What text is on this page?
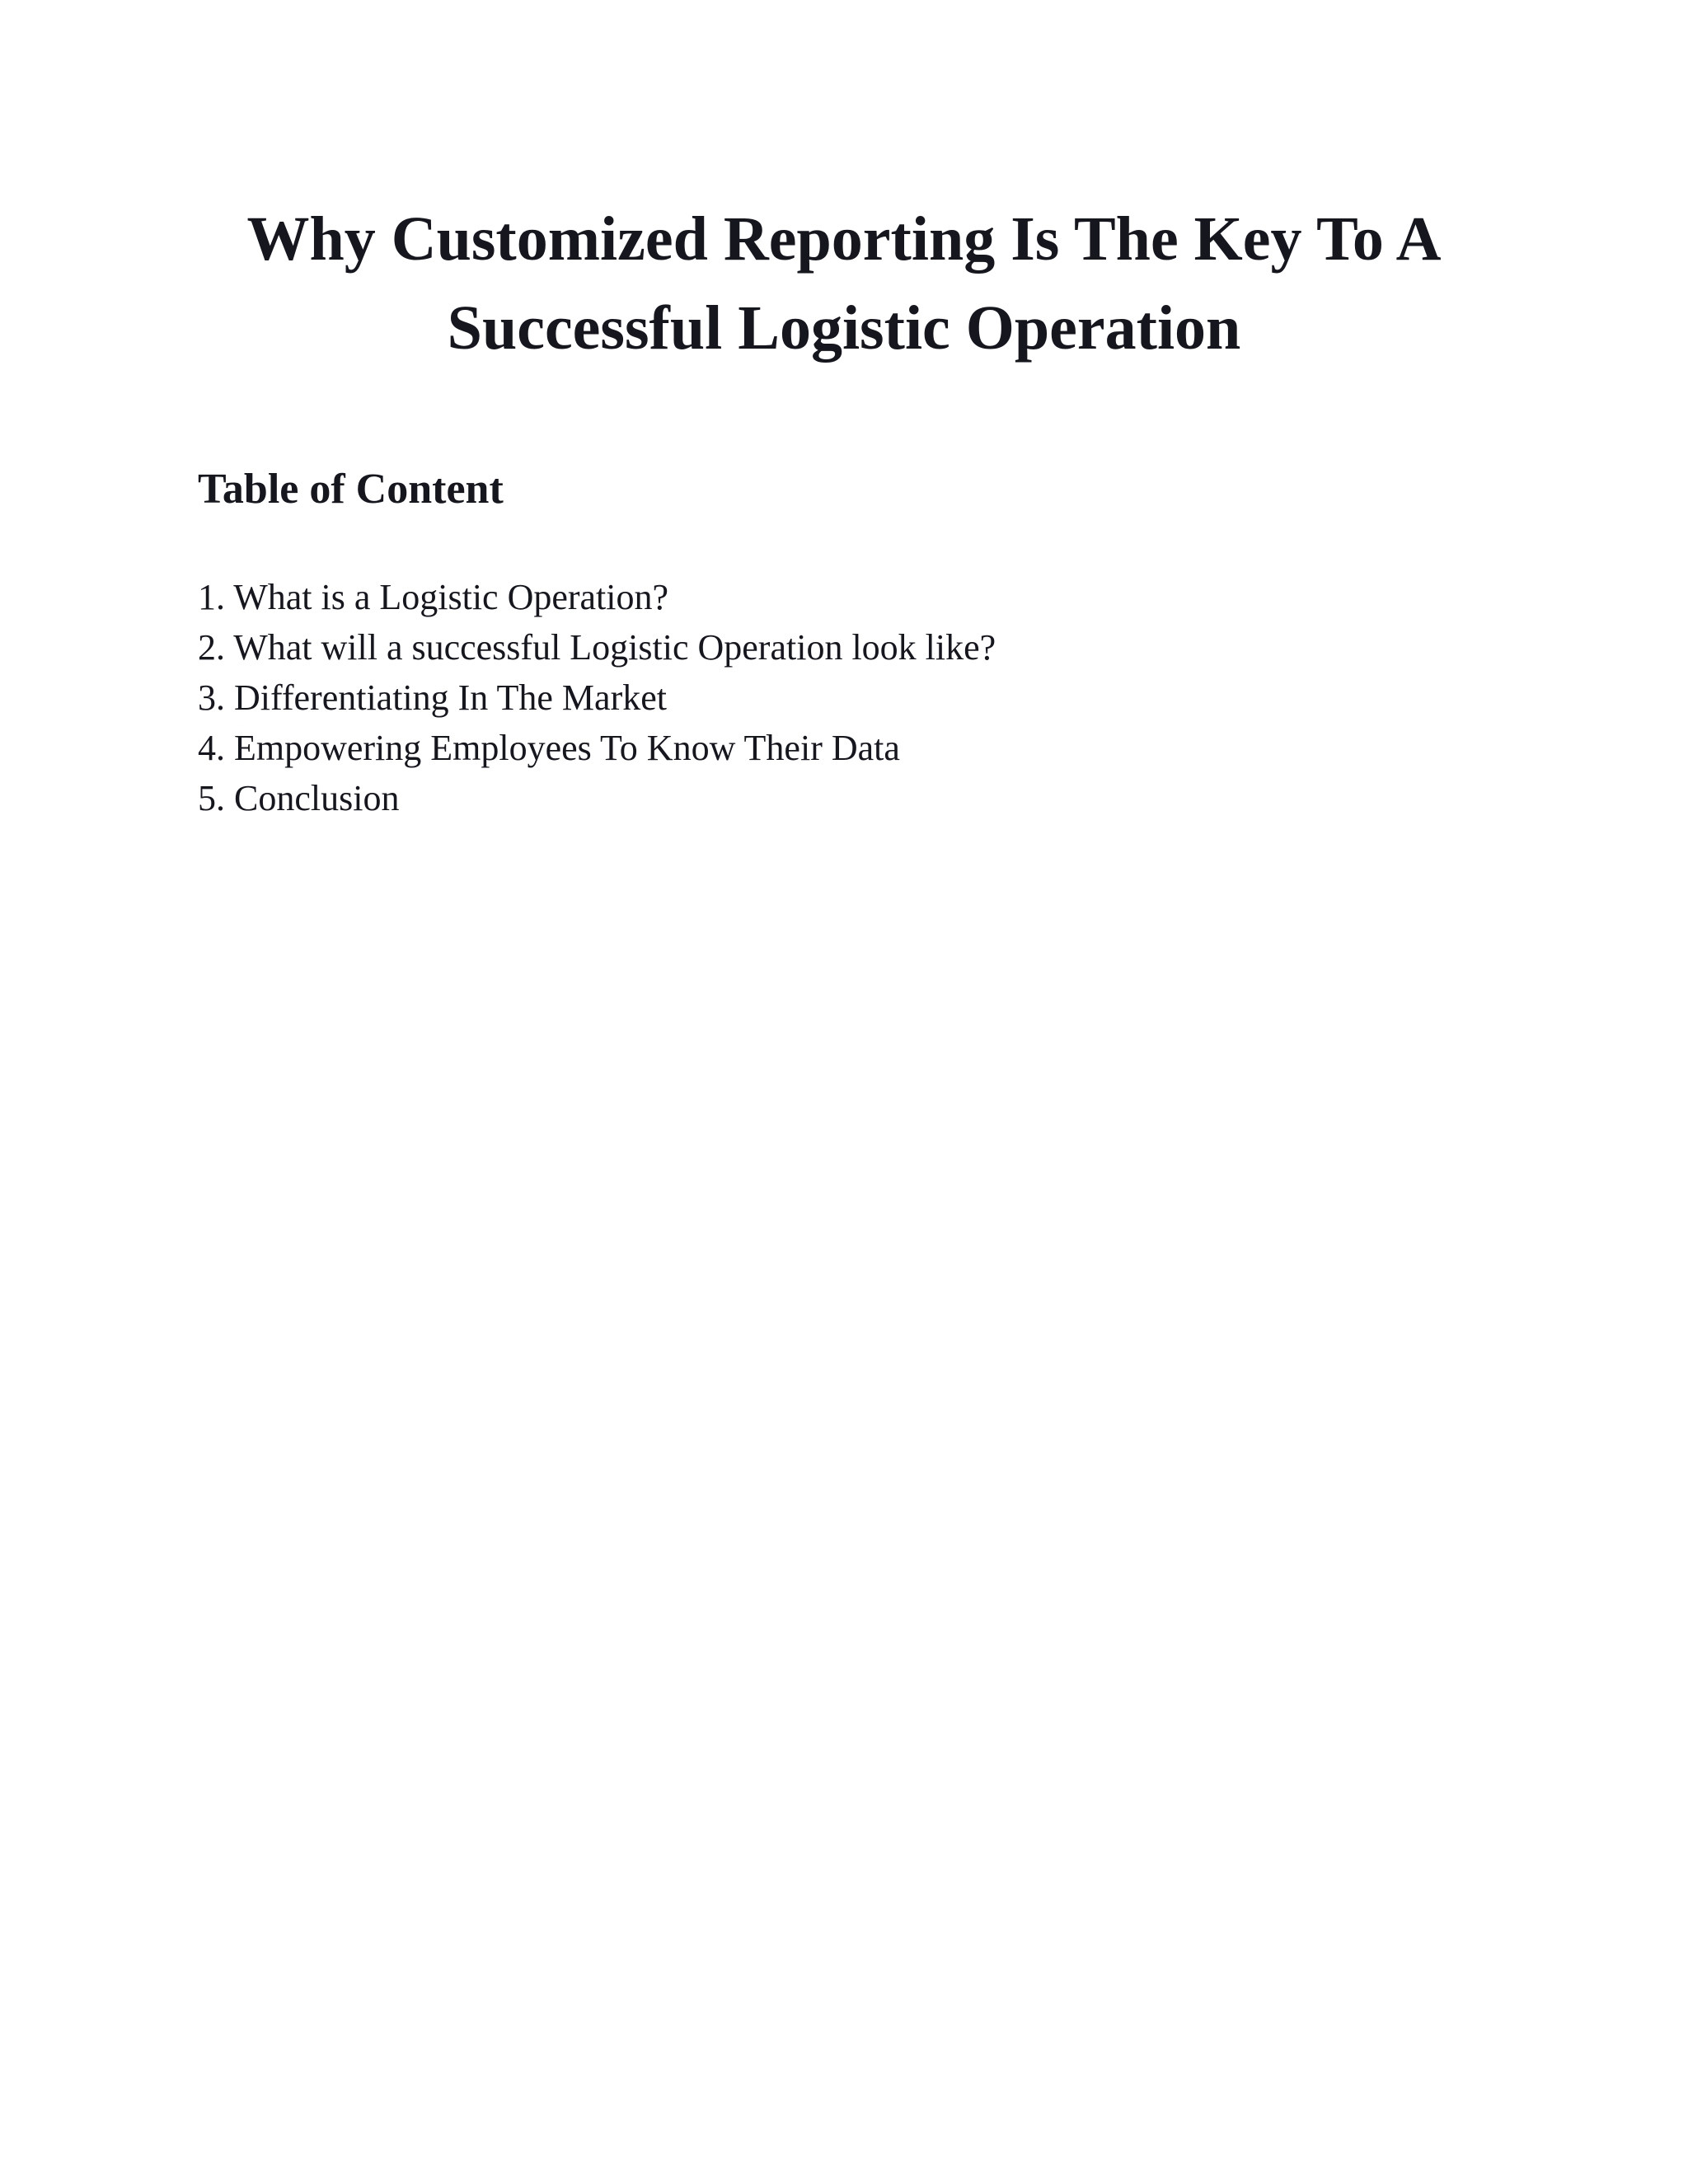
Why Customized Reporting Is The Key To A
Successful Logistic Operation
Table of Content
1. What is a Logistic Operation?
2. What will a successful Logistic Operation look like?
3. Differentiating In The Market
4. Empowering Employees To Know Their Data
5. Conclusion
